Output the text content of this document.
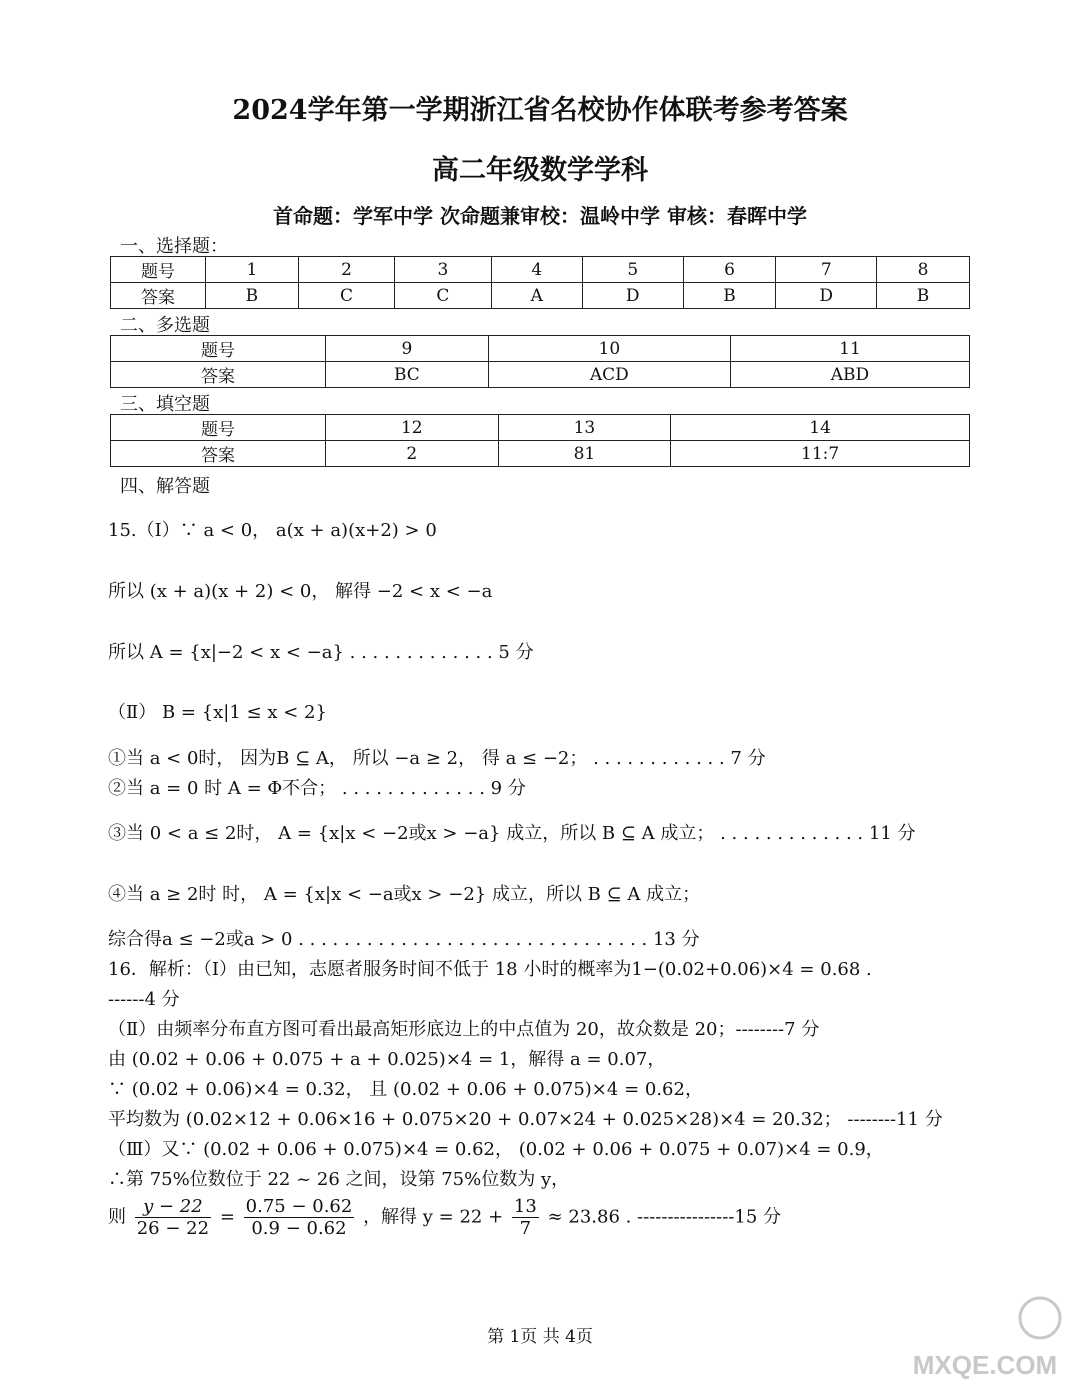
2024学年第一学期浙江省名校协作体联考参考答案
高二年级数学学科
首命题：学军中学 次命题兼审校：温岭中学 审核：春晖中学
一、选择题：
题号	1	2	3	4	5	6	7	8
答案	B	C	C	A	D	B	D	B
二、多选题
题号	9	10	11
答案	BC	ACD	ABD
三、填空题
题号	12	13	14
答案	2	81	11:7
四、解答题
15.（Ⅰ）∵ a < 0， a(x + a)(x+2) > 0
所以 (x + a)(x + 2) < 0， 解得 −2 < x < −a
所以 A = {x|−2 < x < −a} . . . . . . . . . . . . . 5 分
（Ⅱ） B = {x|1 ≤ x < 2}
①当 a < 0时， 因为B ⊆ A， 所以 −a ≥ 2， 得 a ≤ −2； . . . . . . . . . . . . 7 分
②当 a = 0 时 A = Φ不合； . . . . . . . . . . . . . 9 分
③当 0 < a ≤ 2时， A = {x|x < −2或x > −a} 成立，所以 B ⊆ A 成立； . . . . . . . . . . . . . 11 分
④当 a ≥ 2时 时， A = {x|x < −a或x > −2} 成立，所以 B ⊆ A 成立；
综合得a ≤ −2或a > 0 . . . . . . . . . . . . . . . . . . . . . . . . . . . . . . . 13 分
16．解析：（Ⅰ）由已知，志愿者服务时间不低于 18 小时的概率为1−(0.02+0.06)×4 = 0.68 .
------4 分
（Ⅱ）由频率分布直方图可看出最高矩形底边上的中点值为 20，故众数是 20；--------7 分
由 (0.02 + 0.06 + 0.075 + a + 0.025)×4 = 1，解得 a = 0.07，
∵ (0.02 + 0.06)×4 = 0.32， 且 (0.02 + 0.06 + 0.075)×4 = 0.62，
平均数为 (0.02×12 + 0.06×16 + 0.075×20 + 0.07×24 + 0.025×28)×4 = 20.32； --------11 分
（Ⅲ）又∵ (0.02 + 0.06 + 0.075)×4 = 0.62， (0.02 + 0.06 + 0.075 + 0.07)×4 = 0.9，
∴第 75%位数位于 22 ~ 26 之间，设第 75%位数为 y，
则 $\frac{y - 22}{26 - 22} = \frac{0.75 - 0.62}{0.9 - 0.62}$ ，解得 $y = 22 + \frac{13}{7} \approx 23.86$ . ----------------15 分
第 1页 共 4页
MXQE.COM
